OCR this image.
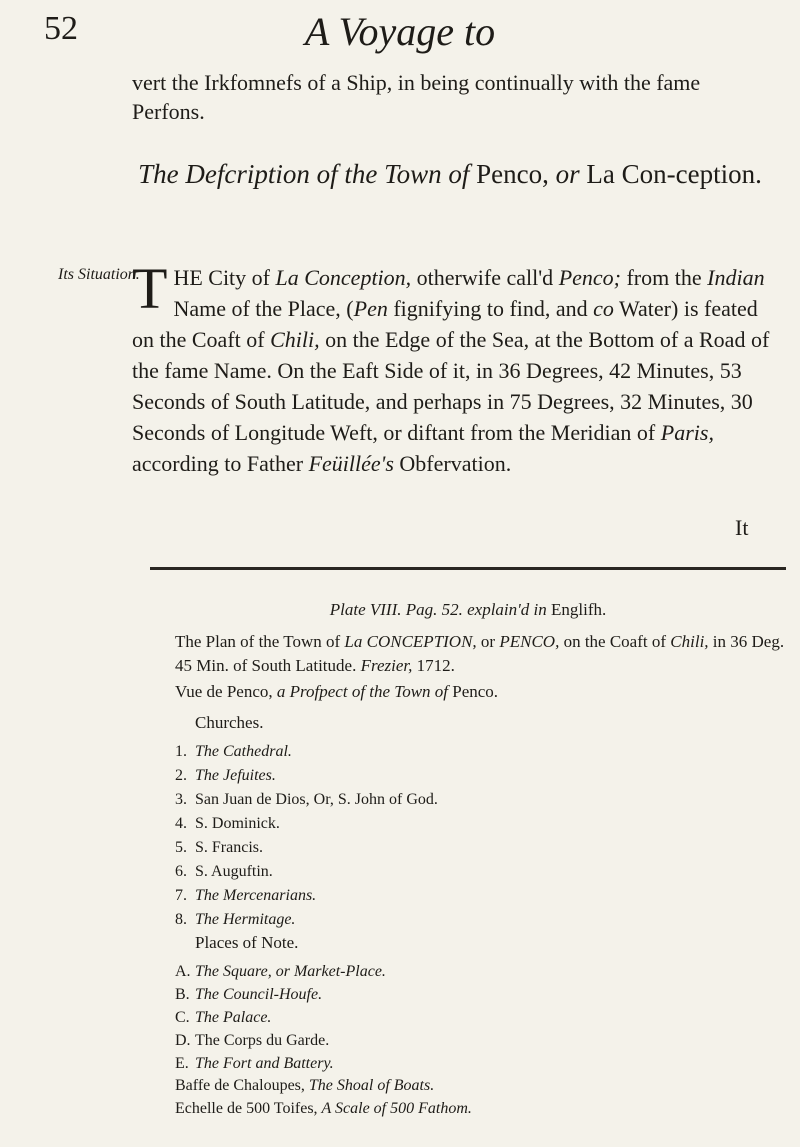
52	A Voyage to
vert the Irkfomnefs of a Ship, in being continually with the fame Perfons.
The Defcription of the Town of Penco, or La Con-ception.
Its Situation.
T HE City of La Conception, otherwife call'd Penco; from the Indian Name of the Place, (Pen fignifying to find, and co Water) is feated on the Coaft of Chili, on the Edge of the Sea, at the Bottom of a Road of the fame Name. On the Eaft Side of it, in 36 Degrees, 42 Minutes, 53 Seconds of South Latitude, and perhaps in 75 Degrees, 32 Minutes, 30 Seconds of Longitude Weft, or diftant from the Meridian of Paris, according to Father Feüillée's Obfervation.
It
Plate VIII. Pag. 52. explain'd in Englifh.
The Plan of the Town of La CONCEPTION, or PENCO, on the Coaft of Chili, in 36 Deg. 45 Min. of South Latitude. Frezier, 1712.
Vue de Penco, a Profpect of the Town of Penco.
Churches.
1. The Cathedral.
2. The Jefuites.
3. San Juan de Dios, Or, S. John of God.
4. S. Dominick.
5. S. Francis.
6. S. Auguftin.
7. The Mercenarians.
8. The Hermitage.
Places of Note.
A. The Square, or Market-Place.
B. The Council-Houfe.
C. The Palace.
D. The Corps du Garde.
E. The Fort and Battery.
Baffe de Chaloupes, The Shoal of Boats.
Echelle de 500 Toifes, A Scale of 500 Fathom.
